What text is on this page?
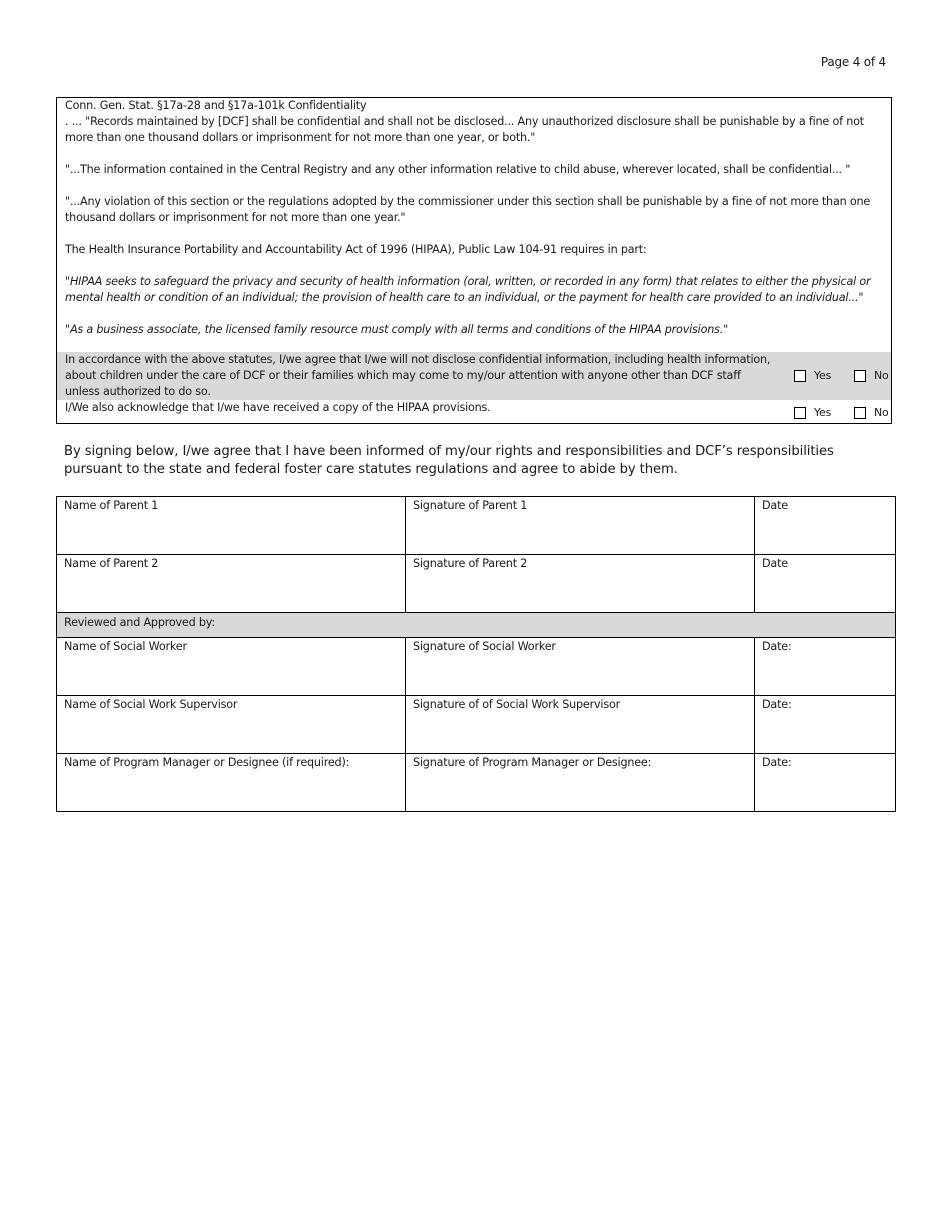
Page 4 of 4

Conn. Gen. Stat. §17a-28 and §17a-101k Confidentiality

. ... "Records maintained by [DCF] shall be confidential and shall not be disclosed... Any unauthorized disclosure shall be punishable by a fine of not more than one thousand dollars or imprisonment for not more than one year, or both."

"...The information contained in the Central Registry and any other information relative to child abuse, wherever located, shall be confidential... "

"...Any violation of this section or the regulations adopted by the commissioner under this section shall be punishable by a fine of not more than one thousand dollars or imprisonment for not more than one year."

The Health Insurance Portability and Accountability Act of 1996 (HIPAA), Public Law 104-91 requires in part:

"HIPAA seeks to safeguard the privacy and security of health information (oral, written, or recorded in any form) that relates to either the physical or mental health or condition of an individual; the provision of health care to an individual, or the payment for health care provided to an individual..."

"As a business associate, the licensed family resource must comply with all terms and conditions of the HIPAA provisions."

In accordance with the above statutes, I/we agree that I/we will not disclose confidential information, including health information, about children under the care of DCF or their families which may come to my/our attention with anyone other than DCF staff unless authorized to do so.
Yes	No
I/We also acknowledge that I/we have received a copy of the HIPAA provisions.	Yes	No
By signing below, I/we agree that I have been informed of my/our rights and responsibilities and DCF’s responsibilities pursuant to the state and federal foster care statutes regulations and agree to abide by them.
Name of Parent 1	Signature of Parent 1	Date
Name of Parent 2	Signature of Parent 2	Date
Reviewed and Approved by:		
Name of Social Worker	Signature of Social Worker	Date:
Name of Social Work Supervisor	Signature of of Social Work Supervisor	Date:
Name of Program Manager or Designee (if required):	Signature of Program Manager or Designee:	Date:
